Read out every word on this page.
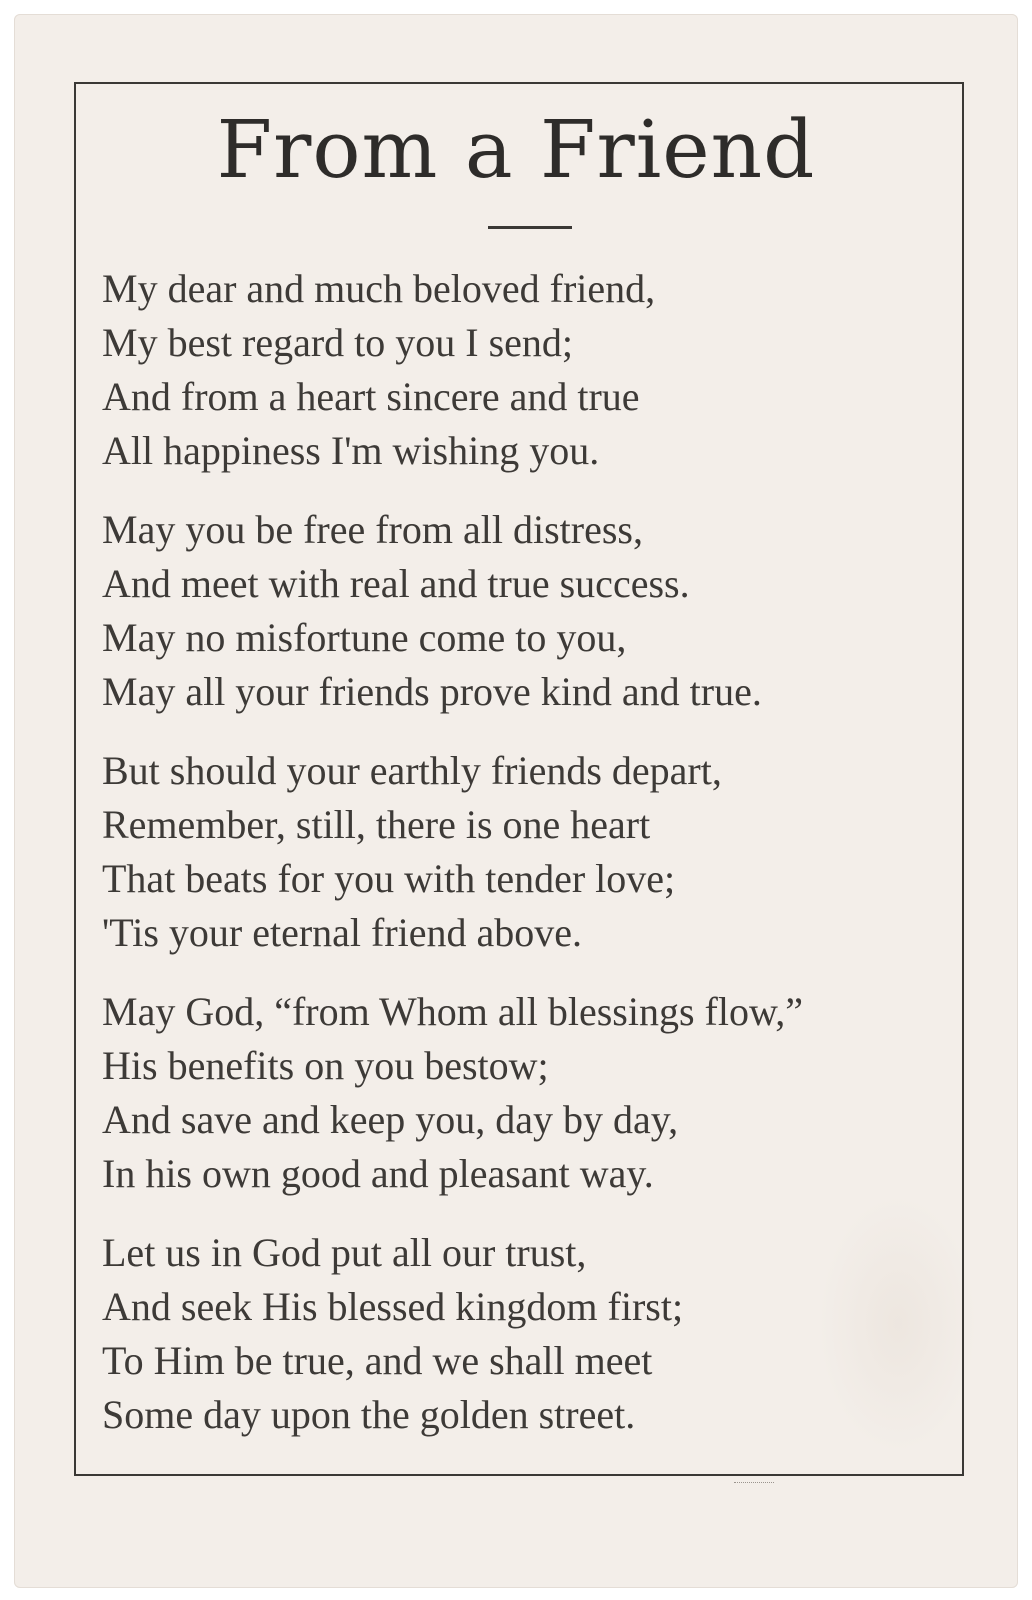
From a Friend
My dear and much beloved friend,
My best regard to you I send;
And from a heart sincere and true
All happiness I'm wishing you.
May you be free from all distress,
And meet with real and true success.
May no misfortune come to you,
May all your friends prove kind and true.
But should your earthly friends depart,
Remember, still, there is one heart
That beats for you with tender love;
'Tis your eternal friend above.
May God, “from Whom all blessings flow,”
His benefits on you bestow;
And save and keep you, day by day,
In his own good and pleasant way.
Let us in God put all our trust,
And seek His blessed kingdom first;
To Him be true, and we shall meet
Some day upon the golden street.
